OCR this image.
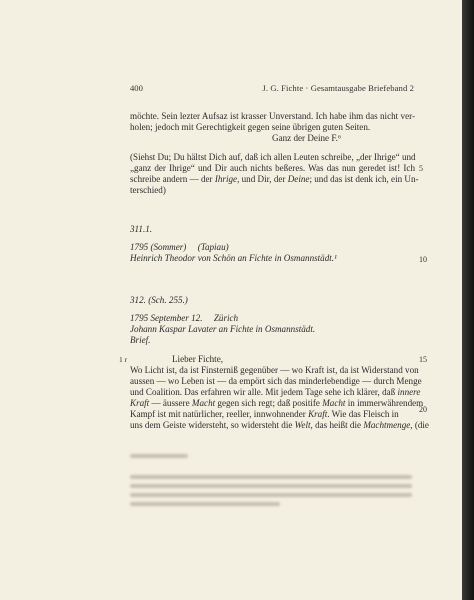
400	J. G. Fichte · Gesamtausgabe Briefeband 2
möchte. Sein lezter Aufsaz ist krasser Unverstand. Ich habe ihm das nicht ver-
holen; jedoch mit Gerechtigkeit gegen seine übrigen guten Seiten.
Ganz der Deine F.⁶
(Siehst Du; Du hältst Dich auf, daß ich allen Leuten schreibe, „der Ihrige“ und
„ganz der Ihrige“ und Dir auch nichts beßeres. Was das nun geredet ist! Ich
schreibe andern — der Ihrige, und Dir, der Deine; und das ist denk ich, ein Un-
terschied)
311.1.
1795 (Sommer)     (Tapiau)
Heinrich Theodor von Schön an Fichte in Osmannstädt.¹
312. (Sch. 255.)
1795 September 12.     Zürich
Johann Kaspar Lavater an Fichte in Osmannstädt.
Brief.
1 r	Lieber Fichte,
Wo Licht ist, da ist Finsterniß gegenüber — wo Kraft ist, da ist Widerstand von
aussen — wo Leben ist — da empört sich das minderlebendige — durch Menge
und Coalition. Das erfahren wir alle. Mit jedem Tage sehe ich klärer, daß innere
Kraft — äussere Macht gegen sich regt; daß positife Macht in immerwährendem
Kampf ist mit natürlicher, reeller, innwohnender Kraft. Wie das Fleisch in
uns dem Geiste widersteht, so widersteht die Welt, das heißt die Machtmenge, (die
5
10
15
20
